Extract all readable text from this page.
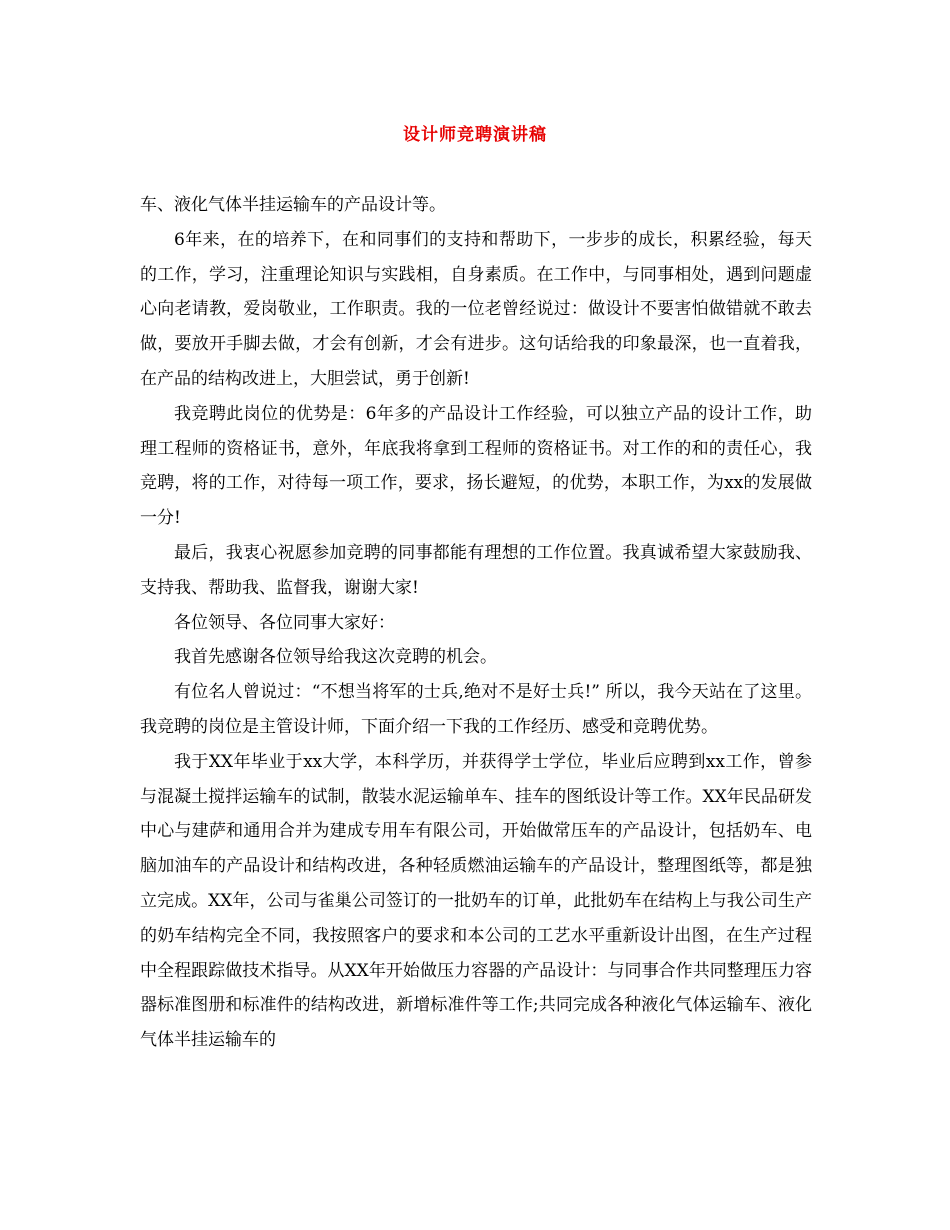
设计师竞聘演讲稿

车、液化气体半挂运输车的产品设计等。

6年来，在的培养下，在和同事们的支持和帮助下，一步步的成长，积累经验，每天的工作，学习，注重理论知识与实践相，自身素质。在工作中，与同事相处，遇到问题虚心向老请教，爱岗敬业，工作职责。我的一位老曾经说过：做设计不要害怕做错就不敢去做，要放开手脚去做，才会有创新，才会有进步。这句话给我的印象最深，也一直着我，在产品的结构改进上，大胆尝试，勇于创新!

我竞聘此岗位的优势是：6年多的产品设计工作经验，可以独立产品的设计工作，助理工程师的资格证书，意外，年底我将拿到工程师的资格证书。对工作的和的责任心，我竞聘，将的工作，对待每一项工作，要求，扬长避短，的优势，本职工作，为xx的发展做一分!

最后，我衷心祝愿参加竞聘的同事都能有理想的工作位置。我真诚希望大家鼓励我、支持我、帮助我、监督我，谢谢大家!

各位领导、各位同事大家好：

我首先感谢各位领导给我这次竞聘的机会。

有位名人曾说过：“不想当将军的士兵,绝对不是好士兵!” 所以，我今天站在了这里。 我竞聘的岗位是主管设计师，下面介绍一下我的工作经历、感受和竞聘优势。

我于XX年毕业于xx大学，本科学历，并获得学士学位，毕业后应聘到xx工作，曾参与混凝土搅拌运输车的试制，散装水泥运输单车、挂车的图纸设计等工作。XX年民品研发中心与建萨和通用合并为建成专用车有限公司，开始做常压车的产品设计，包括奶车、电脑加油车的产品设计和结构改进，各种轻质燃油运输车的产品设计，整理图纸等，都是独立完成。XX年，公司与雀巢公司签订的一批奶车的订单，此批奶车在结构上与我公司生产的奶车结构完全不同，我按照客户的要求和本公司的工艺水平重新设计出图，在生产过程中全程跟踪做技术指导。从XX年开始做压力容器的产品设计：与同事合作共同整理压力容器标准图册和标准件的结构改进，新增标准件等工作;共同完成各种液化气体运输车、液化气体半挂运输车的
